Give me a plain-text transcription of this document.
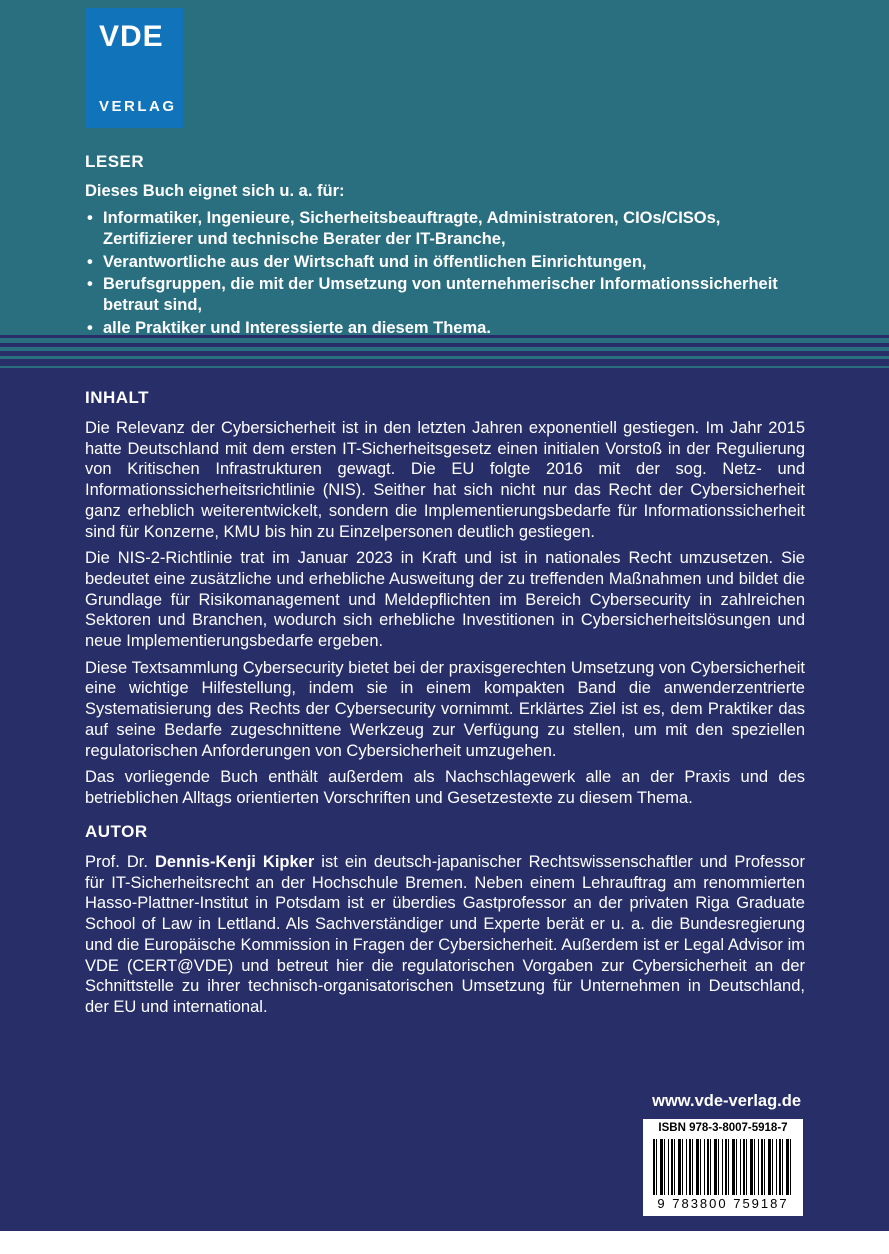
VDE
VERLAG
LESER

Dieses Buch eignet sich u. a. für:

• Informatiker, Ingenieure, Sicherheitsbeauftragte, Administratoren, CIOs/CISOs, Zertifizierer und technische Berater der IT-Branche,
• Verantwortliche aus der Wirtschaft und in öffentlichen Einrichtungen,
• Berufsgruppen, die mit der Umsetzung von unternehmerischer Informationssicherheit betraut sind,
• alle Praktiker und Interessierte an diesem Thema.
INHALT

Die Relevanz der Cybersicherheit ist in den letzten Jahren exponentiell gestiegen. Im Jahr 2015 hatte Deutschland mit dem ersten IT-Sicherheitsgesetz einen initialen Vorstoß in der Regulierung von Kritischen Infrastrukturen gewagt. Die EU folgte 2016 mit der sog. Netz- und Informationssicherheitsrichtlinie (NIS). Seither hat sich nicht nur das Recht der Cybersicherheit ganz erheblich weiterentwickelt, sondern die Implementierungsbedarfe für Informationssicherheit sind für Konzerne, KMU bis hin zu Einzelpersonen deutlich gestiegen.

Die NIS-2-Richtlinie trat im Januar 2023 in Kraft und ist in nationales Recht umzusetzen. Sie bedeutet eine zusätzliche und erhebliche Ausweitung der zu treffenden Maßnahmen und bildet die Grundlage für Risikomanagement und Meldepflichten im Bereich Cybersecurity in zahlreichen Sektoren und Branchen, wodurch sich erhebliche Investitionen in Cybersicherheitslösungen und neue Implementierungsbedarfe ergeben.

Diese Textsammlung Cybersecurity bietet bei der praxisgerechten Umsetzung von Cybersicherheit eine wichtige Hilfestellung, indem sie in einem kompakten Band die anwenderzentrierte Systematisierung des Rechts der Cybersecurity vornimmt. Erklärtes Ziel ist es, dem Praktiker das auf seine Bedarfe zugeschnittene Werkzeug zur Verfügung zu stellen, um mit den speziellen regulatorischen Anforderungen von Cybersicherheit umzugehen.

Das vorliegende Buch enthält außerdem als Nachschlagewerk alle an der Praxis und des betrieblichen Alltags orientierten Vorschriften und Gesetzestexte zu diesem Thema.

AUTOR

Prof. Dr. Dennis-Kenji Kipker ist ein deutsch-japanischer Rechtswissenschaftler und Professor für IT-Sicherheitsrecht an der Hochschule Bremen. Neben einem Lehrauftrag am renommierten Hasso-Plattner-Institut in Potsdam ist er überdies Gastprofessor an der privaten Riga Graduate School of Law in Lettland. Als Sachverständiger und Experte berät er u. a. die Bundesregierung und die Europäische Kommission in Fragen der Cybersicherheit. Außerdem ist er Legal Advisor im VDE (CERT@VDE) und betreut hier die regulatorischen Vorgaben zur Cybersicherheit an der Schnittstelle zu ihrer technisch-organisatorischen Umsetzung für Unternehmen in Deutschland, der EU und international.

www.vde-verlag.de
ISBN 978-3-8007-5918-7
9 783800 759187
